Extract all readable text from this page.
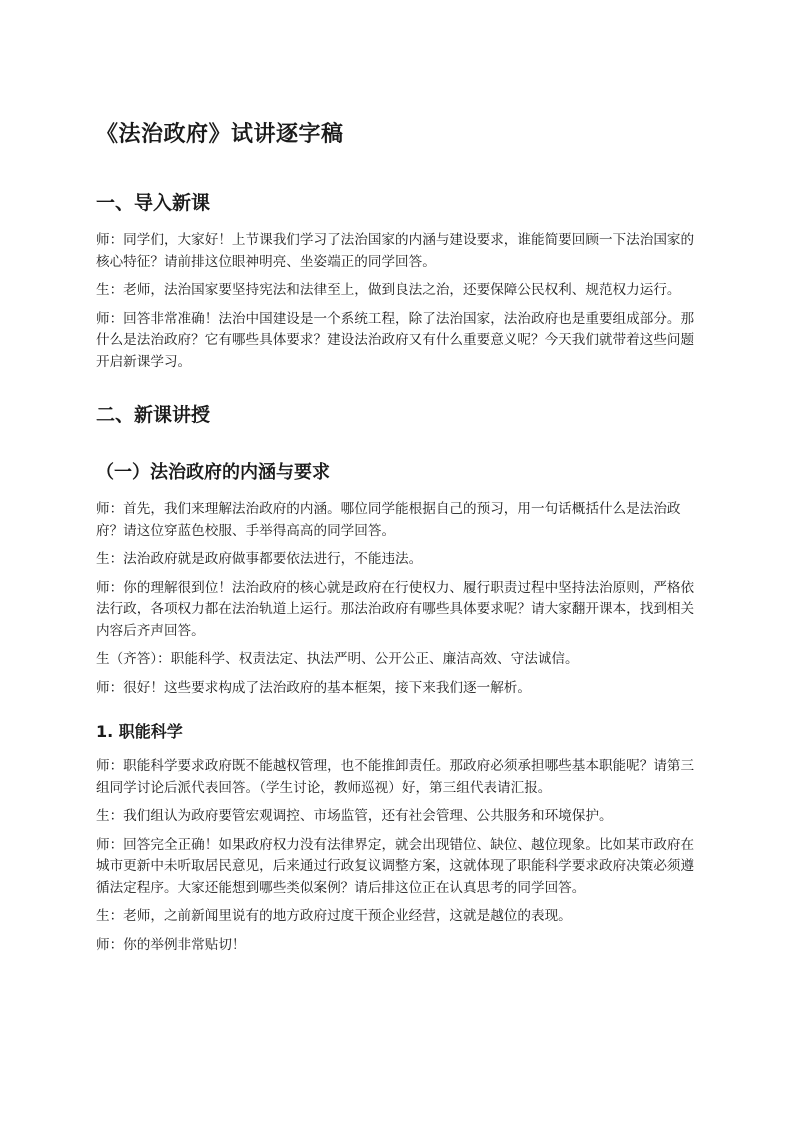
《法治政府》试讲逐字稿
一、导入新课

师：同学们，大家好！上节课我们学习了法治国家的内涵与建设要求，谁能简要回顾一下法治国家的核心特征？请前排这位眼神明亮、坐姿端正的同学回答。

生：老师，法治国家要坚持宪法和法律至上，做到良法之治，还要保障公民权利、规范权力运行。

师：回答非常准确！法治中国建设是一个系统工程，除了法治国家，法治政府也是重要组成部分。那什么是法治政府？它有哪些具体要求？建设法治政府又有什么重要意义呢？今天我们就带着这些问题开启新课学习。

二、新课讲授
（一）法治政府的内涵与要求

师：首先，我们来理解法治政府的内涵。哪位同学能根据自己的预习，用一句话概括什么是法治政府？请这位穿蓝色校服、手举得高高的同学回答。

生：法治政府就是政府做事都要依法进行，不能违法。

师：你的理解很到位！法治政府的核心就是政府在行使权力、履行职责过程中坚持法治原则，严格依法行政，各项权力都在法治轨道上运行。那法治政府有哪些具体要求呢？请大家翻开课本，找到相关内容后齐声回答。

生（齐答）：职能科学、权责法定、执法严明、公开公正、廉洁高效、守法诚信。

师：很好！这些要求构成了法治政府的基本框架，接下来我们逐一解析。

1. 职能科学

师：职能科学要求政府既不能越权管理，也不能推卸责任。那政府必须承担哪些基本职能呢？请第三组同学讨论后派代表回答。（学生讨论，教师巡视）好，第三组代表请汇报。

生：我们组认为政府要管宏观调控、市场监管，还有社会管理、公共服务和环境保护。

师：回答完全正确！如果政府权力没有法律界定，就会出现错位、缺位、越位现象。比如某市政府在城市更新中未听取居民意见，后来通过行政复议调整方案，这就体现了职能科学要求政府决策必须遵循法定程序。大家还能想到哪些类似案例？请后排这位正在认真思考的同学回答。

生：老师，之前新闻里说有的地方政府过度干预企业经营，这就是越位的表现。

师：你的举例非常贴切！
